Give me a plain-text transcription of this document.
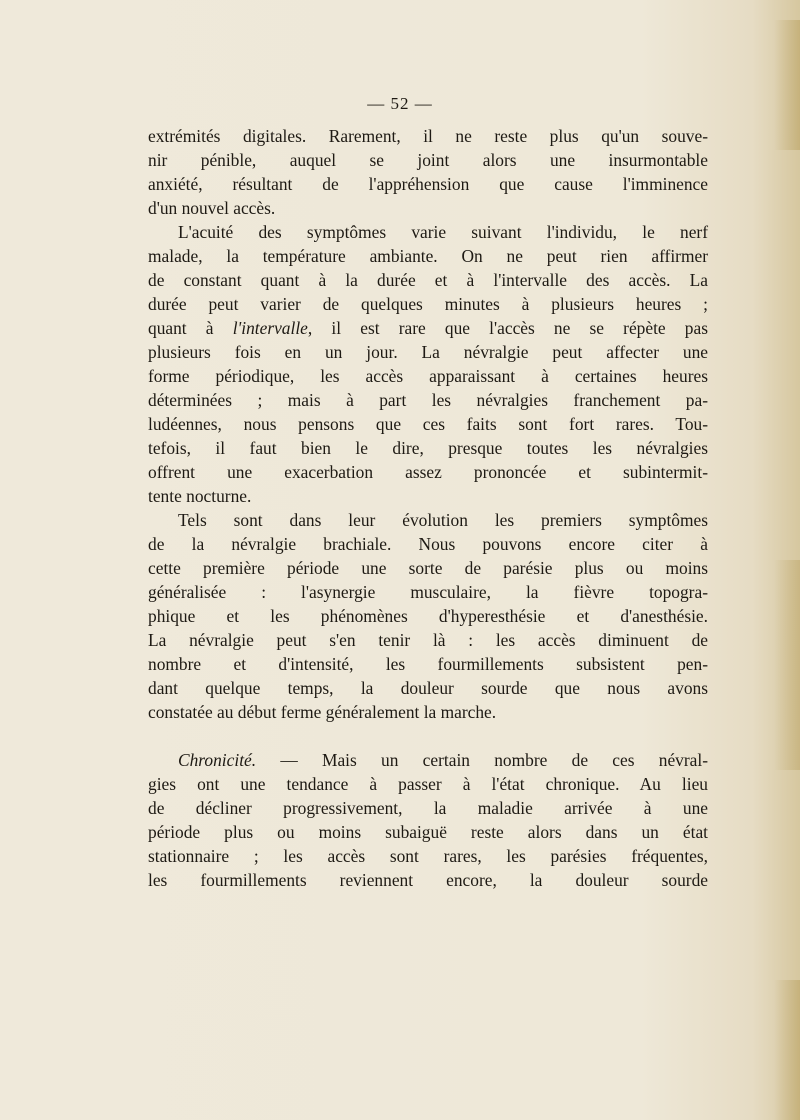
— 52 —
extrémités digitales. Rarement, il ne reste plus qu'un souve-
nir pénible, auquel se joint alors une insurmontable
anxiété, résultant de l'appréhension que cause l'imminence
d'un nouvel accès.
L'acuité des symptômes varie suivant l'individu, le nerf
malade, la température ambiante. On ne peut rien affirmer
de constant quant à la durée et à l'intervalle des accès. La
durée peut varier de quelques minutes à plusieurs heures ;
quant à l'intervalle, il est rare que l'accès ne se répète pas
plusieurs fois en un jour. La névralgie peut affecter une
forme périodique, les accès apparaissant à certaines heures
déterminées ; mais à part les névralgies franchement pa-
ludéennes, nous pensons que ces faits sont fort rares. Tou-
tefois, il faut bien le dire, presque toutes les névralgies
offrent une exacerbation assez prononcée et subintermit-
tente nocturne.
Tels sont dans leur évolution les premiers symptômes
de la névralgie brachiale. Nous pouvons encore citer à
cette première période une sorte de parésie plus ou moins
généralisée : l'asynergie musculaire, la fièvre topogra-
phique et les phénomènes d'hyperesthésie et d'anesthésie.
La névralgie peut s'en tenir là : les accès diminuent de
nombre et d'intensité, les fourmillements subsistent pen-
dant quelque temps, la douleur sourde que nous avons
constatée au début ferme généralement la marche.
Chronicité. — Mais un certain nombre de ces névral-
gies ont une tendance à passer à l'état chronique. Au lieu
de décliner progressivement, la maladie arrivée à une
période plus ou moins subaiguë reste alors dans un état
stationnaire ; les accès sont rares, les parésies fréquentes,
les fourmillements reviennent encore, la douleur sourde
